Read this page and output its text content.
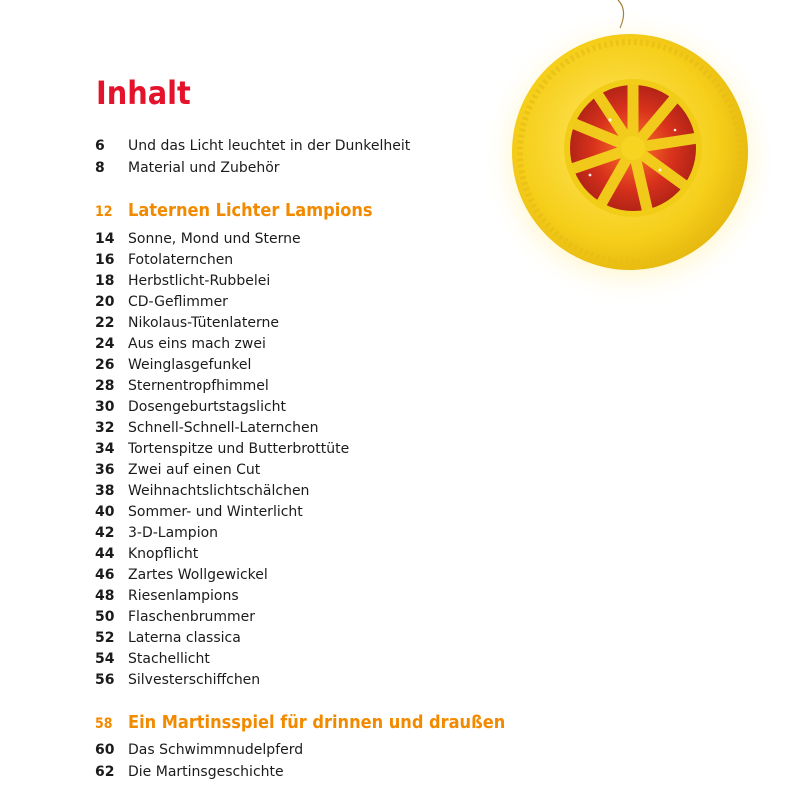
Inhalt
6 Und das Licht leuchtet in der Dunkelheit
8 Material und Zubehör
12 Laternen Lichter Lampions
14 Sonne, Mond und Sterne
16 Fotolaternchen
18 Herbstlicht-Rubbelei
20 CD-Geflimmer
22 Nikolaus-Tütenlaterne
24 Aus eins mach zwei
26 Weinglasgefunkel
28 Sternentropfhimmel
30 Dosengeburtstagslicht
32 Schnell-Schnell-Laternchen
34 Tortenspitze und Butterbrottüte
36 Zwei auf einen Cut
38 Weihnachtslichtschälchen
40 Sommer- und Winterlicht
42 3-D-Lampion
44 Knopflicht
46 Zartes Wollgewickel
48 Riesenlampions
50 Flaschenbrummer
52 Laterna classica
54 Stachellicht
56 Silvesterschiffchen
58 Ein Martinsspiel für drinnen und draußen
60 Das Schwimmnudelpferd
62 Die Martinsgeschichte
